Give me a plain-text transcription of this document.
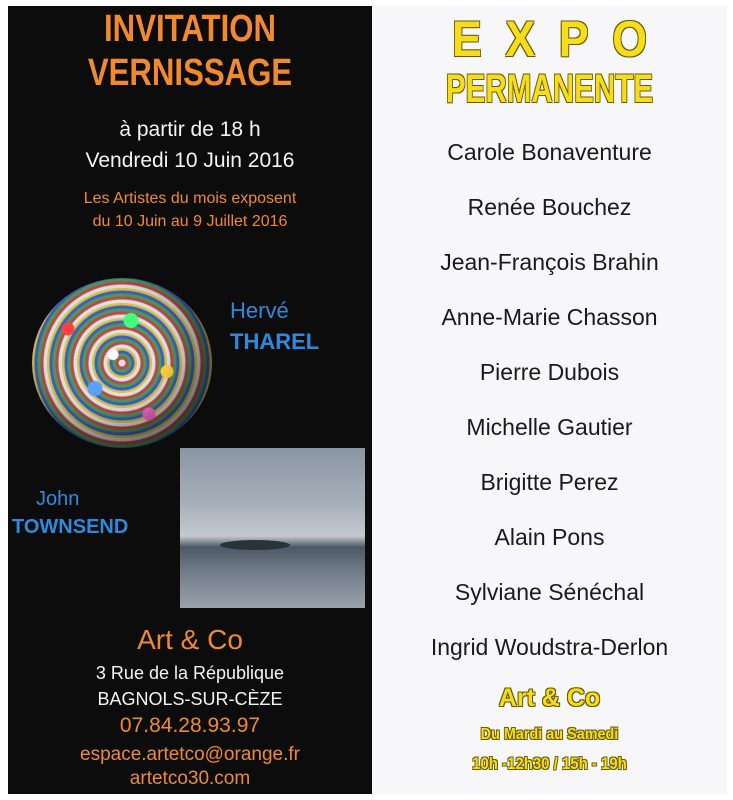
INVITATION
VERNISSAGE
à partir de 18 h
Vendredi 10 Juin 2016
Les Artistes du mois exposent
du 10 Juin au 9 Juillet 2016
Hervé
THAREL
John
TOWNSEND
Art & Co
3 Rue de la République
BAGNOLS-SUR-CÈZE
07.84.28.93.97
espace.artetco@orange.fr
artetco30.com
EXPO
PERMANENTE
Carole Bonaventure
Renée Bouchez
Jean-François Brahin
Anne-Marie Chasson
Pierre Dubois
Michelle Gautier
Brigitte Perez
Alain Pons
Sylviane Sénéchal
Ingrid Woudstra-Derlon
Art & Co
Du Mardi au Samedi
10h -12h30 / 15h - 19h
